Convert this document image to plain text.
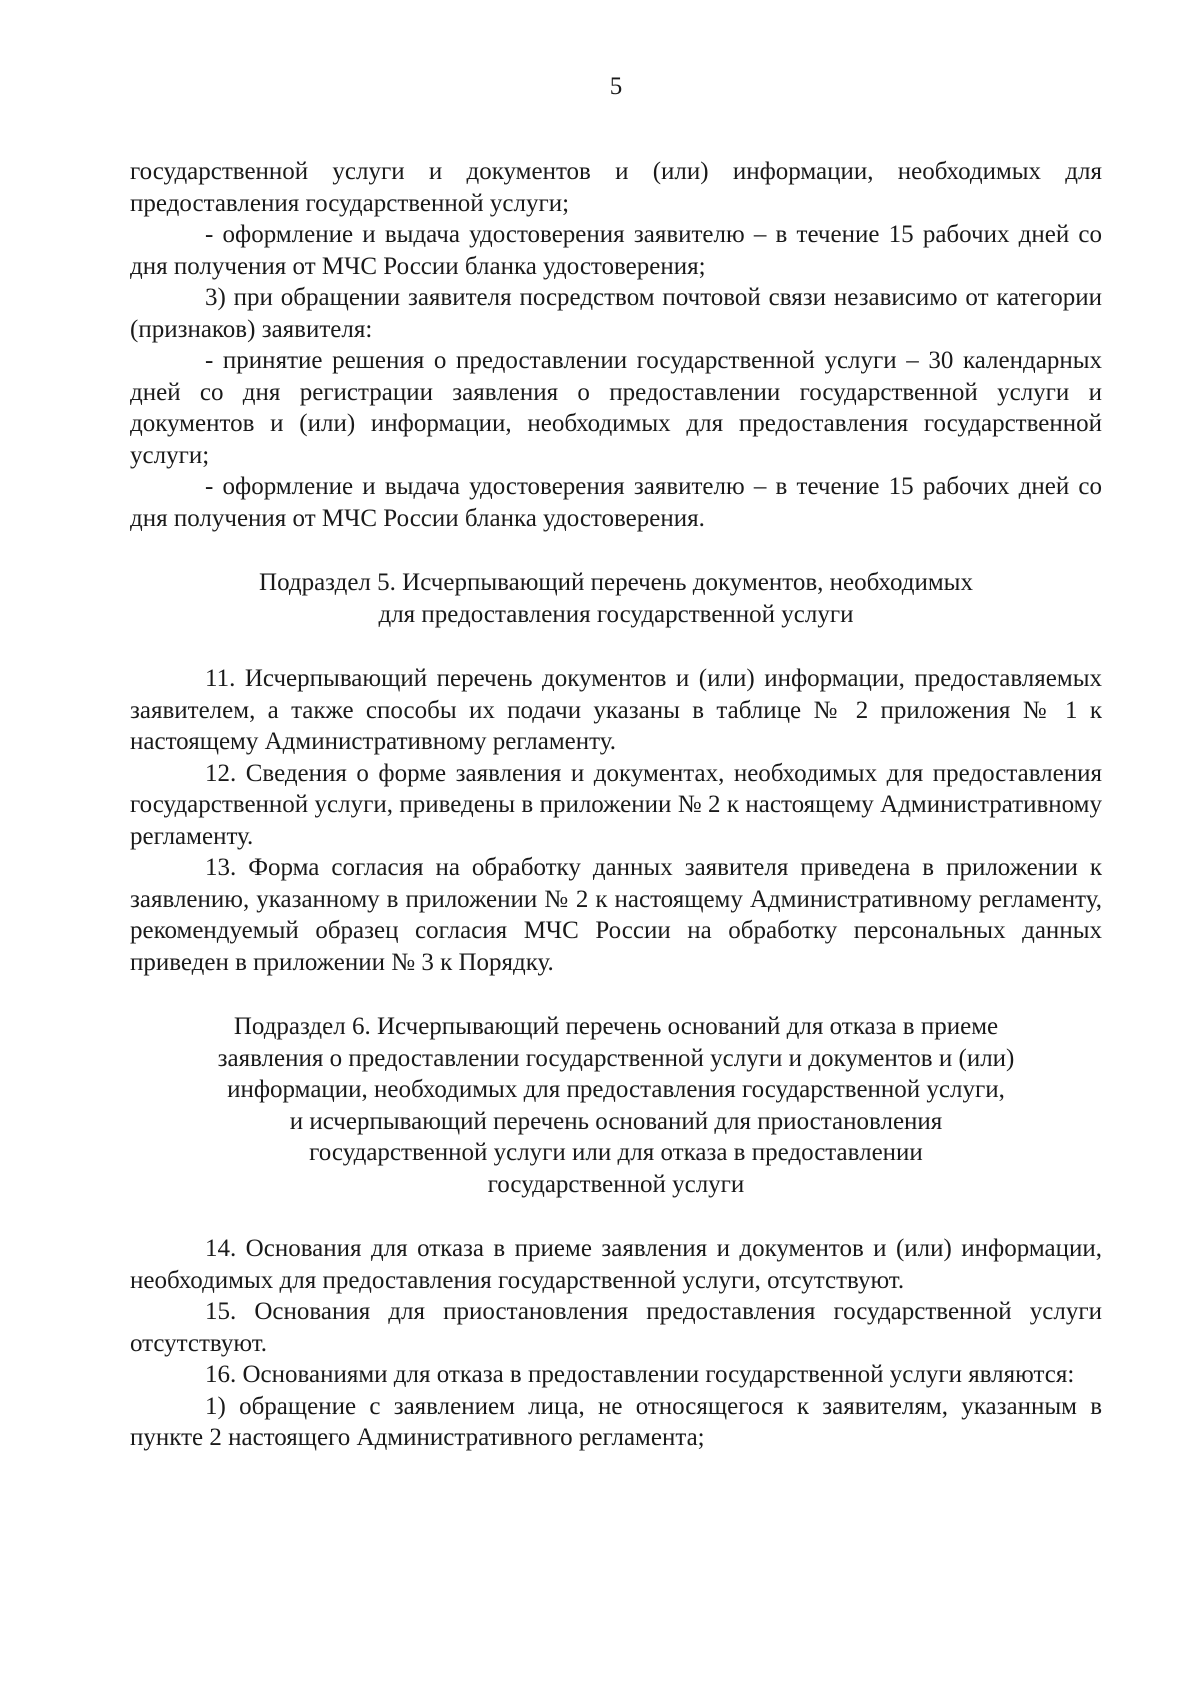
5

государственной услуги и документов и (или) информации, необходимых для предоставления государственной услуги;

- оформление и выдача удостоверения заявителю – в течение 15 рабочих дней со дня получения от МЧС России бланка удостоверения;

3) при обращении заявителя посредством почтовой связи независимо от категории (признаков) заявителя:

- принятие решения о предоставлении государственной услуги – 30 календарных дней со дня регистрации заявления о предоставлении государственной услуги и документов и (или) информации, необходимых для предоставления государственной услуги;

- оформление и выдача удостоверения заявителю – в течение 15 рабочих дней со дня получения от МЧС России бланка удостоверения.

Подраздел 5. Исчерпывающий перечень документов, необходимых
для предоставления государственной услуги

11. Исчерпывающий перечень документов и (или) информации, предоставляемых заявителем, а также способы их подачи указаны в таблице № 2 приложения № 1 к настоящему Административному регламенту.

12. Сведения о форме заявления и документах, необходимых для предоставления государственной услуги, приведены в приложении № 2 к настоящему Административному регламенту.

13. Форма согласия на обработку данных заявителя приведена в приложении к заявлению, указанному в приложении № 2 к настоящему Административному регламенту, рекомендуемый образец согласия МЧС России на обработку персональных данных приведен в приложении № 3 к Порядку.

Подраздел 6. Исчерпывающий перечень оснований для отказа в приеме
заявления о предоставлении государственной услуги и документов и (или)
информации, необходимых для предоставления государственной услуги,
и исчерпывающий перечень оснований для приостановления
государственной услуги или для отказа в предоставлении
государственной услуги

14. Основания для отказа в приеме заявления и документов и (или) информации, необходимых для предоставления государственной услуги, отсутствуют.

15. Основания для приостановления предоставления государственной услуги отсутствуют.

16. Основаниями для отказа в предоставлении государственной услуги являются:

1) обращение с заявлением лица, не относящегося к заявителям, указанным в пункте 2 настоящего Административного регламента;
